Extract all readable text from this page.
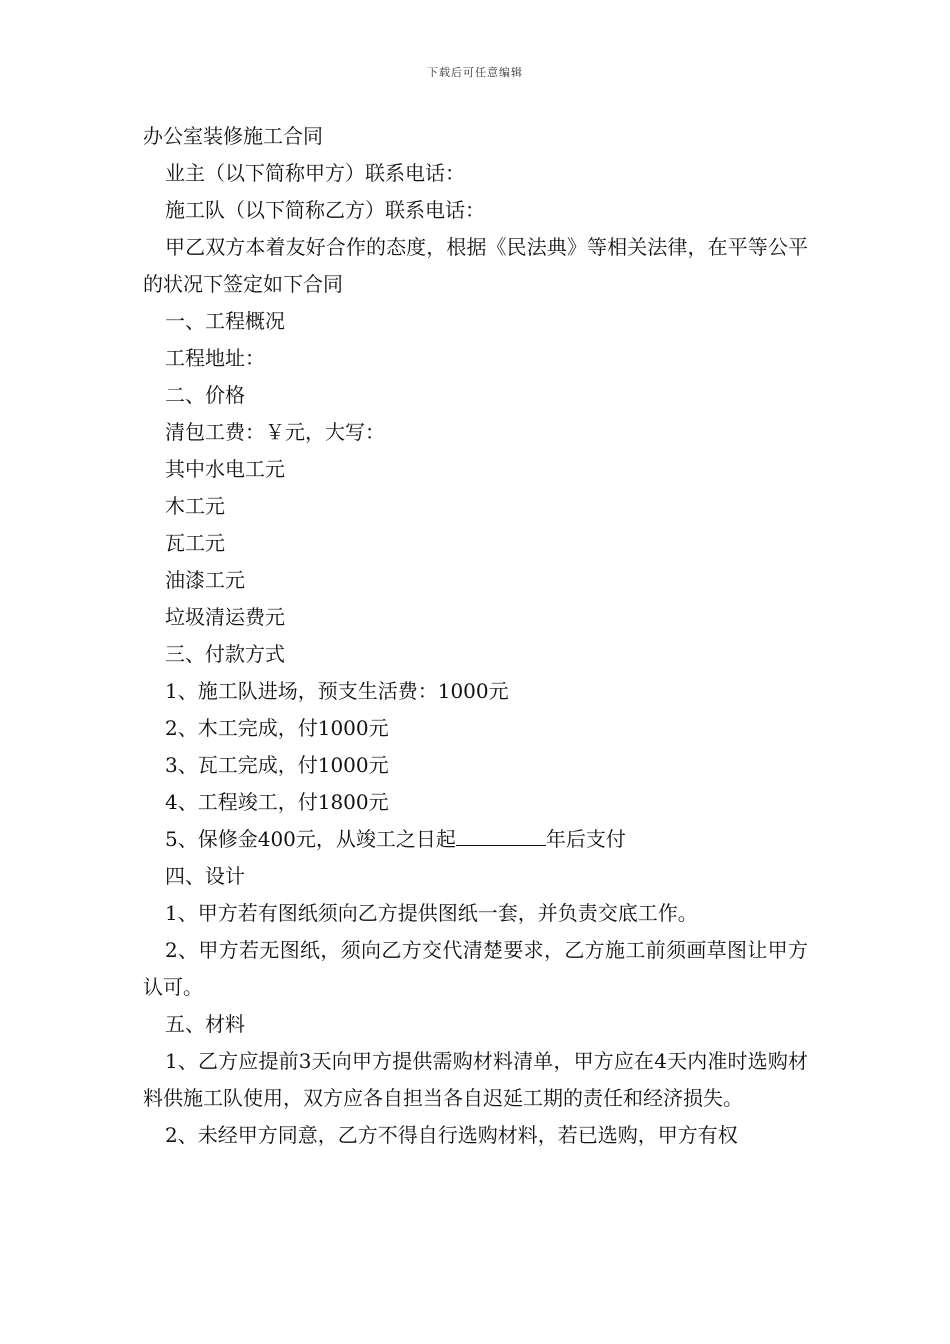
下载后可任意编辑
办公室装修施工合同

业主（以下简称甲方）联系电话：

施工队（以下简称乙方）联系电话：

甲乙双方本着友好合作的态度，根据《民法典》等相关法律，在平等公平的状况下签定如下合同

一、工程概况

工程地址：

二、价格

清包工费：￥元，大写：

其中水电工元

木工元

瓦工元

油漆工元

垃圾清运费元

三、付款方式

1、施工队进场，预支生活费：1000元

2、木工完成，付1000元

3、瓦工完成，付1000元

4、工程竣工，付1800元

5、保修金400元，从竣工之日起	年后支付

四、设计

1、甲方若有图纸须向乙方提供图纸一套，并负责交底工作。

2、甲方若无图纸，须向乙方交代清楚要求，乙方施工前须画草图让甲方认可。

五、材料

1、乙方应提前3天向甲方提供需购材料清单，甲方应在4天内准时选购材料供施工队使用，双方应各自担当各自迟延工期的责任和经济损失。

2、未经甲方同意，乙方不得自行选购材料，若已选购，甲方有权
